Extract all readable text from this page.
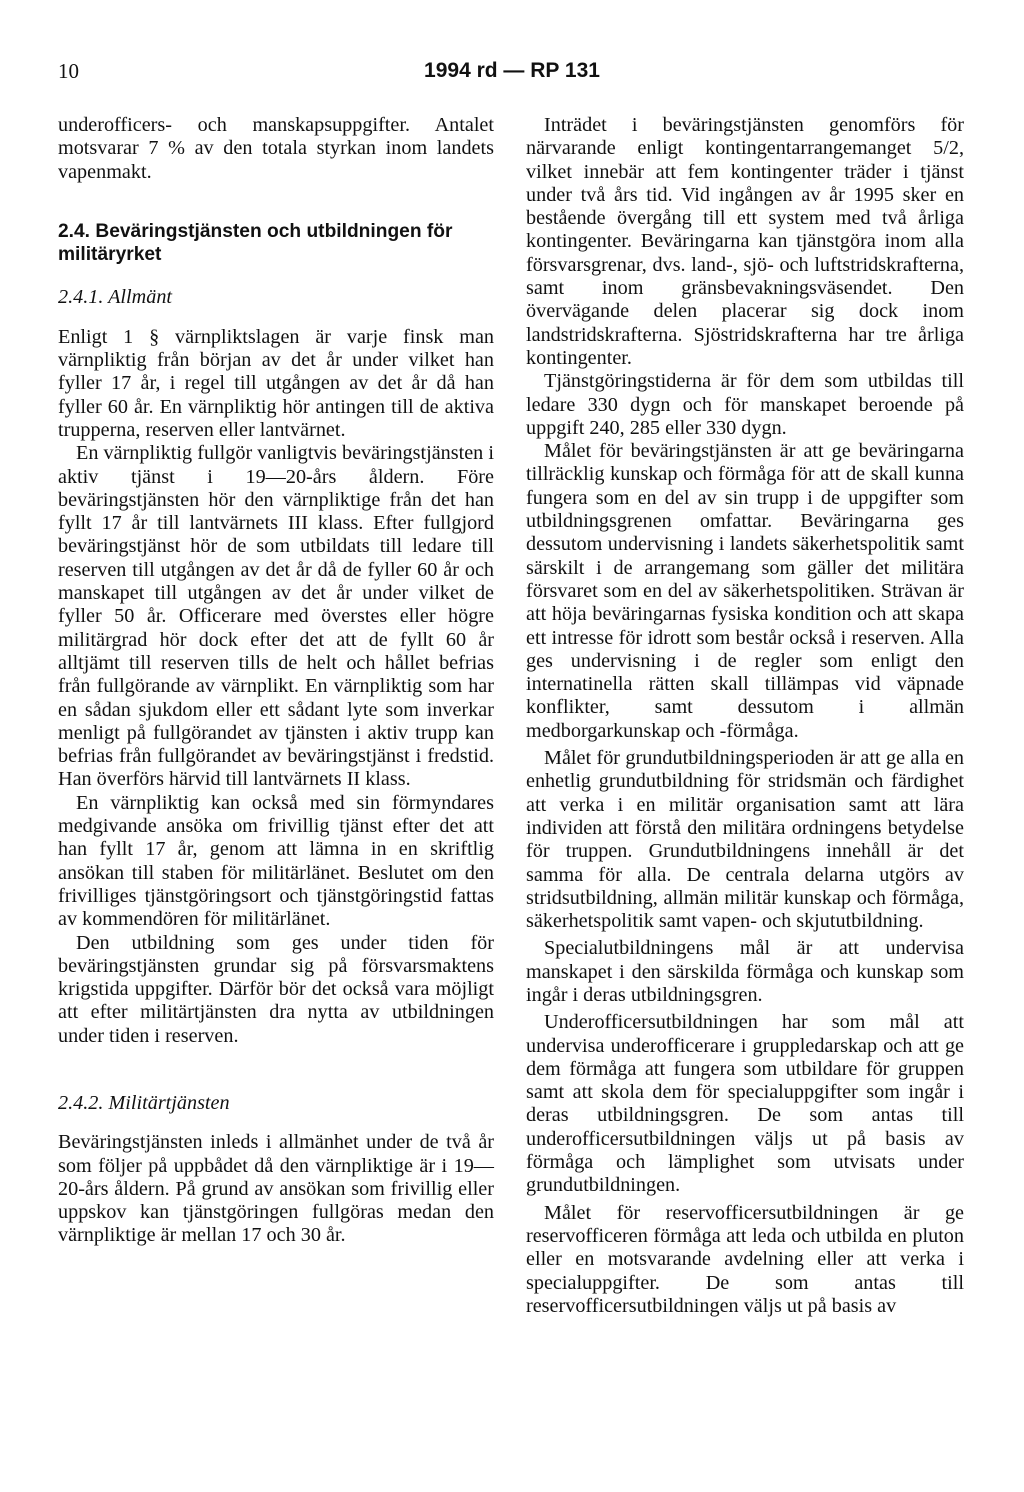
10	1994 rd — RP 131

underofficers- och manskapsuppgifter. Antalet motsvarar 7 % av den totala styrkan inom landets vapenmakt.

2.4. Beväringstjänsten och utbildningen för militäryrket

2.4.1. Allmänt

Enligt 1 § värnpliktslagen är varje finsk man värnpliktig från början av det år under vilket han fyller 17 år, i regel till utgången av det år då han fyller 60 år. En värnpliktig hör antingen till de aktiva trupperna, reserven eller lantvärnet.

En värnpliktig fullgör vanligtvis beväringstjänsten i aktiv tjänst i 19—20-års åldern. Före beväringstjänsten hör den värnpliktige från det han fyllt 17 år till lantvärnets III klass. Efter fullgjord beväringstjänst hör de som utbildats till ledare till reserven till utgången av det år då de fyller 60 år och manskapet till utgången av det år under vilket de fyller 50 år. Officerare med överstes eller högre militärgrad hör dock efter det att de fyllt 60 år alltjämt till reserven tills de helt och hållet befrias från fullgörande av värnplikt. En värnpliktig som har en sådan sjukdom eller ett sådant lyte som inverkar menligt på fullgörandet av tjänsten i aktiv trupp kan befrias från fullgörandet av beväringstjänst i fredstid. Han överförs härvid till lantvärnets II klass.

En värnpliktig kan också med sin förmyndares medgivande ansöka om frivillig tjänst efter det att han fyllt 17 år, genom att lämna in en skriftlig ansökan till staben för militärlänet. Beslutet om den frivilliges tjänstgöringsort och tjänstgöringstid fattas av kommendören för militärlänet.

Den utbildning som ges under tiden för beväringstjänsten grundar sig på försvarsmaktens krigstida uppgifter. Därför bör det också vara möjligt att efter militärtjänsten dra nytta av utbildningen under tiden i reserven.

2.4.2. Militärtjänsten

Beväringstjänsten inleds i allmänhet under de två år som följer på uppbådet då den värnpliktige är i 19—20-års åldern. På grund av ansökan som frivillig eller uppskov kan tjänstgöringen fullgöras medan den värnpliktige är mellan 17 och 30 år.

Inträdet i beväringstjänsten genomförs för närvarande enligt kontingentarrangemanget 5/2, vilket innebär att fem kontingenter träder i tjänst under två års tid. Vid ingången av år 1995 sker en bestående övergång till ett system med två årliga kontingenter. Beväringarna kan tjänstgöra inom alla försvarsgrenar, dvs. land-, sjö- och luftstridskrafterna, samt inom gränsbevakningsväsendet. Den övervägande delen placerar sig dock inom landstridskrafterna. Sjöstridskrafterna har tre årliga kontingenter.

Tjänstgöringstiderna är för dem som utbildas till ledare 330 dygn och för manskapet beroende på uppgift 240, 285 eller 330 dygn.

Målet för beväringstjänsten är att ge beväringarna tillräcklig kunskap och förmåga för att de skall kunna fungera som en del av sin trupp i de uppgifter som utbildningsgrenen omfattar. Beväringarna ges dessutom undervisning i landets säkerhetspolitik samt särskilt i de arrangemang som gäller det militära försvaret som en del av säkerhetspolitiken. Strävan är att höja beväringarnas fysiska kondition och att skapa ett intresse för idrott som består också i reserven. Alla ges undervisning i de regler som enligt den internatinella rätten skall tillämpas vid väpnade konflikter, samt dessutom i allmän medborgarkunskap och -förmåga.

Målet för grundutbildningsperioden är att ge alla en enhetlig grundutbildning för stridsmän och färdighet att verka i en militär organisation samt att lära individen att förstå den militära ordningens betydelse för truppen. Grundutbildningens innehåll är det samma för alla. De centrala delarna utgörs av stridsutbildning, allmän militär kunskap och förmåga, säkerhetspolitik samt vapen- och skjututbildning.

Specialutbildningens mål är att undervisa manskapet i den särskilda förmåga och kunskap som ingår i deras utbildningsgren.

Underofficersutbildningen har som mål att undervisa underofficerare i gruppledarskap och att ge dem förmåga att fungera som utbildare för gruppen samt att skola dem för specialuppgifter som ingår i deras utbildningsgren. De som antas till underofficersutbildningen väljs ut på basis av förmåga och lämplighet som utvisats under grundutbildningen.

Målet för reservofficersutbildningen är ge reservofficeren förmåga att leda och utbilda en pluton eller en motsvarande avdelning eller att verka i specialuppgifter. De som antas till reservofficersutbildningen väljs ut på basis av
